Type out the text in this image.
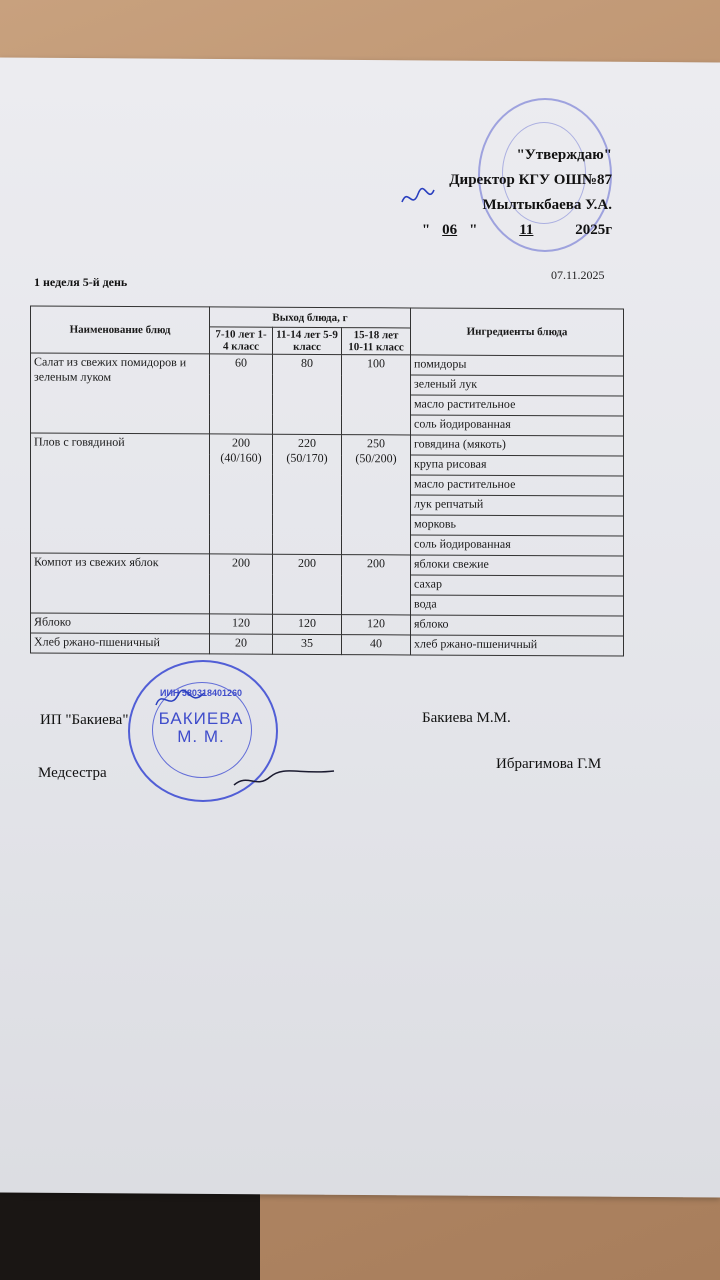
"Утверждаю"
Директор КГУ ОШ№87
Мылтыкбаева У.А.
" 06 "	11	2025г
1 неделя 5-й день	07.11.2025
Наименование блюд	Выход блюда, г			Ингредиенты блюда
	7-10 лет 1-4 класс	11-14 лет 5-9 класс	15-18 лет 10-11 класс	
Салат из свежих помидоров и зеленым луком	60	80	100	помидоры
				зеленый лук
				масло растительное
				соль йодированная
Плов с говядиной	200 (40/160)	220 (50/170)	250 (50/200)	говядина (мякоть)
				крупа рисовая
				масло растительное
				лук репчатый
				морковь
				соль йодированная
Компот из свежих яблок	200	200	200	яблоки свежие
				сахар
				вода
Яблоко	120	120	120	яблоко
Хлеб ржано-пшеничный	20	35	40	хлеб ржано-пшеничный
ИП "Бакиева"	Бакиева М.М.
Медсестра
Ибрагимова Г.М
ИИН 580318401260
БАКИЕВА М. М.
